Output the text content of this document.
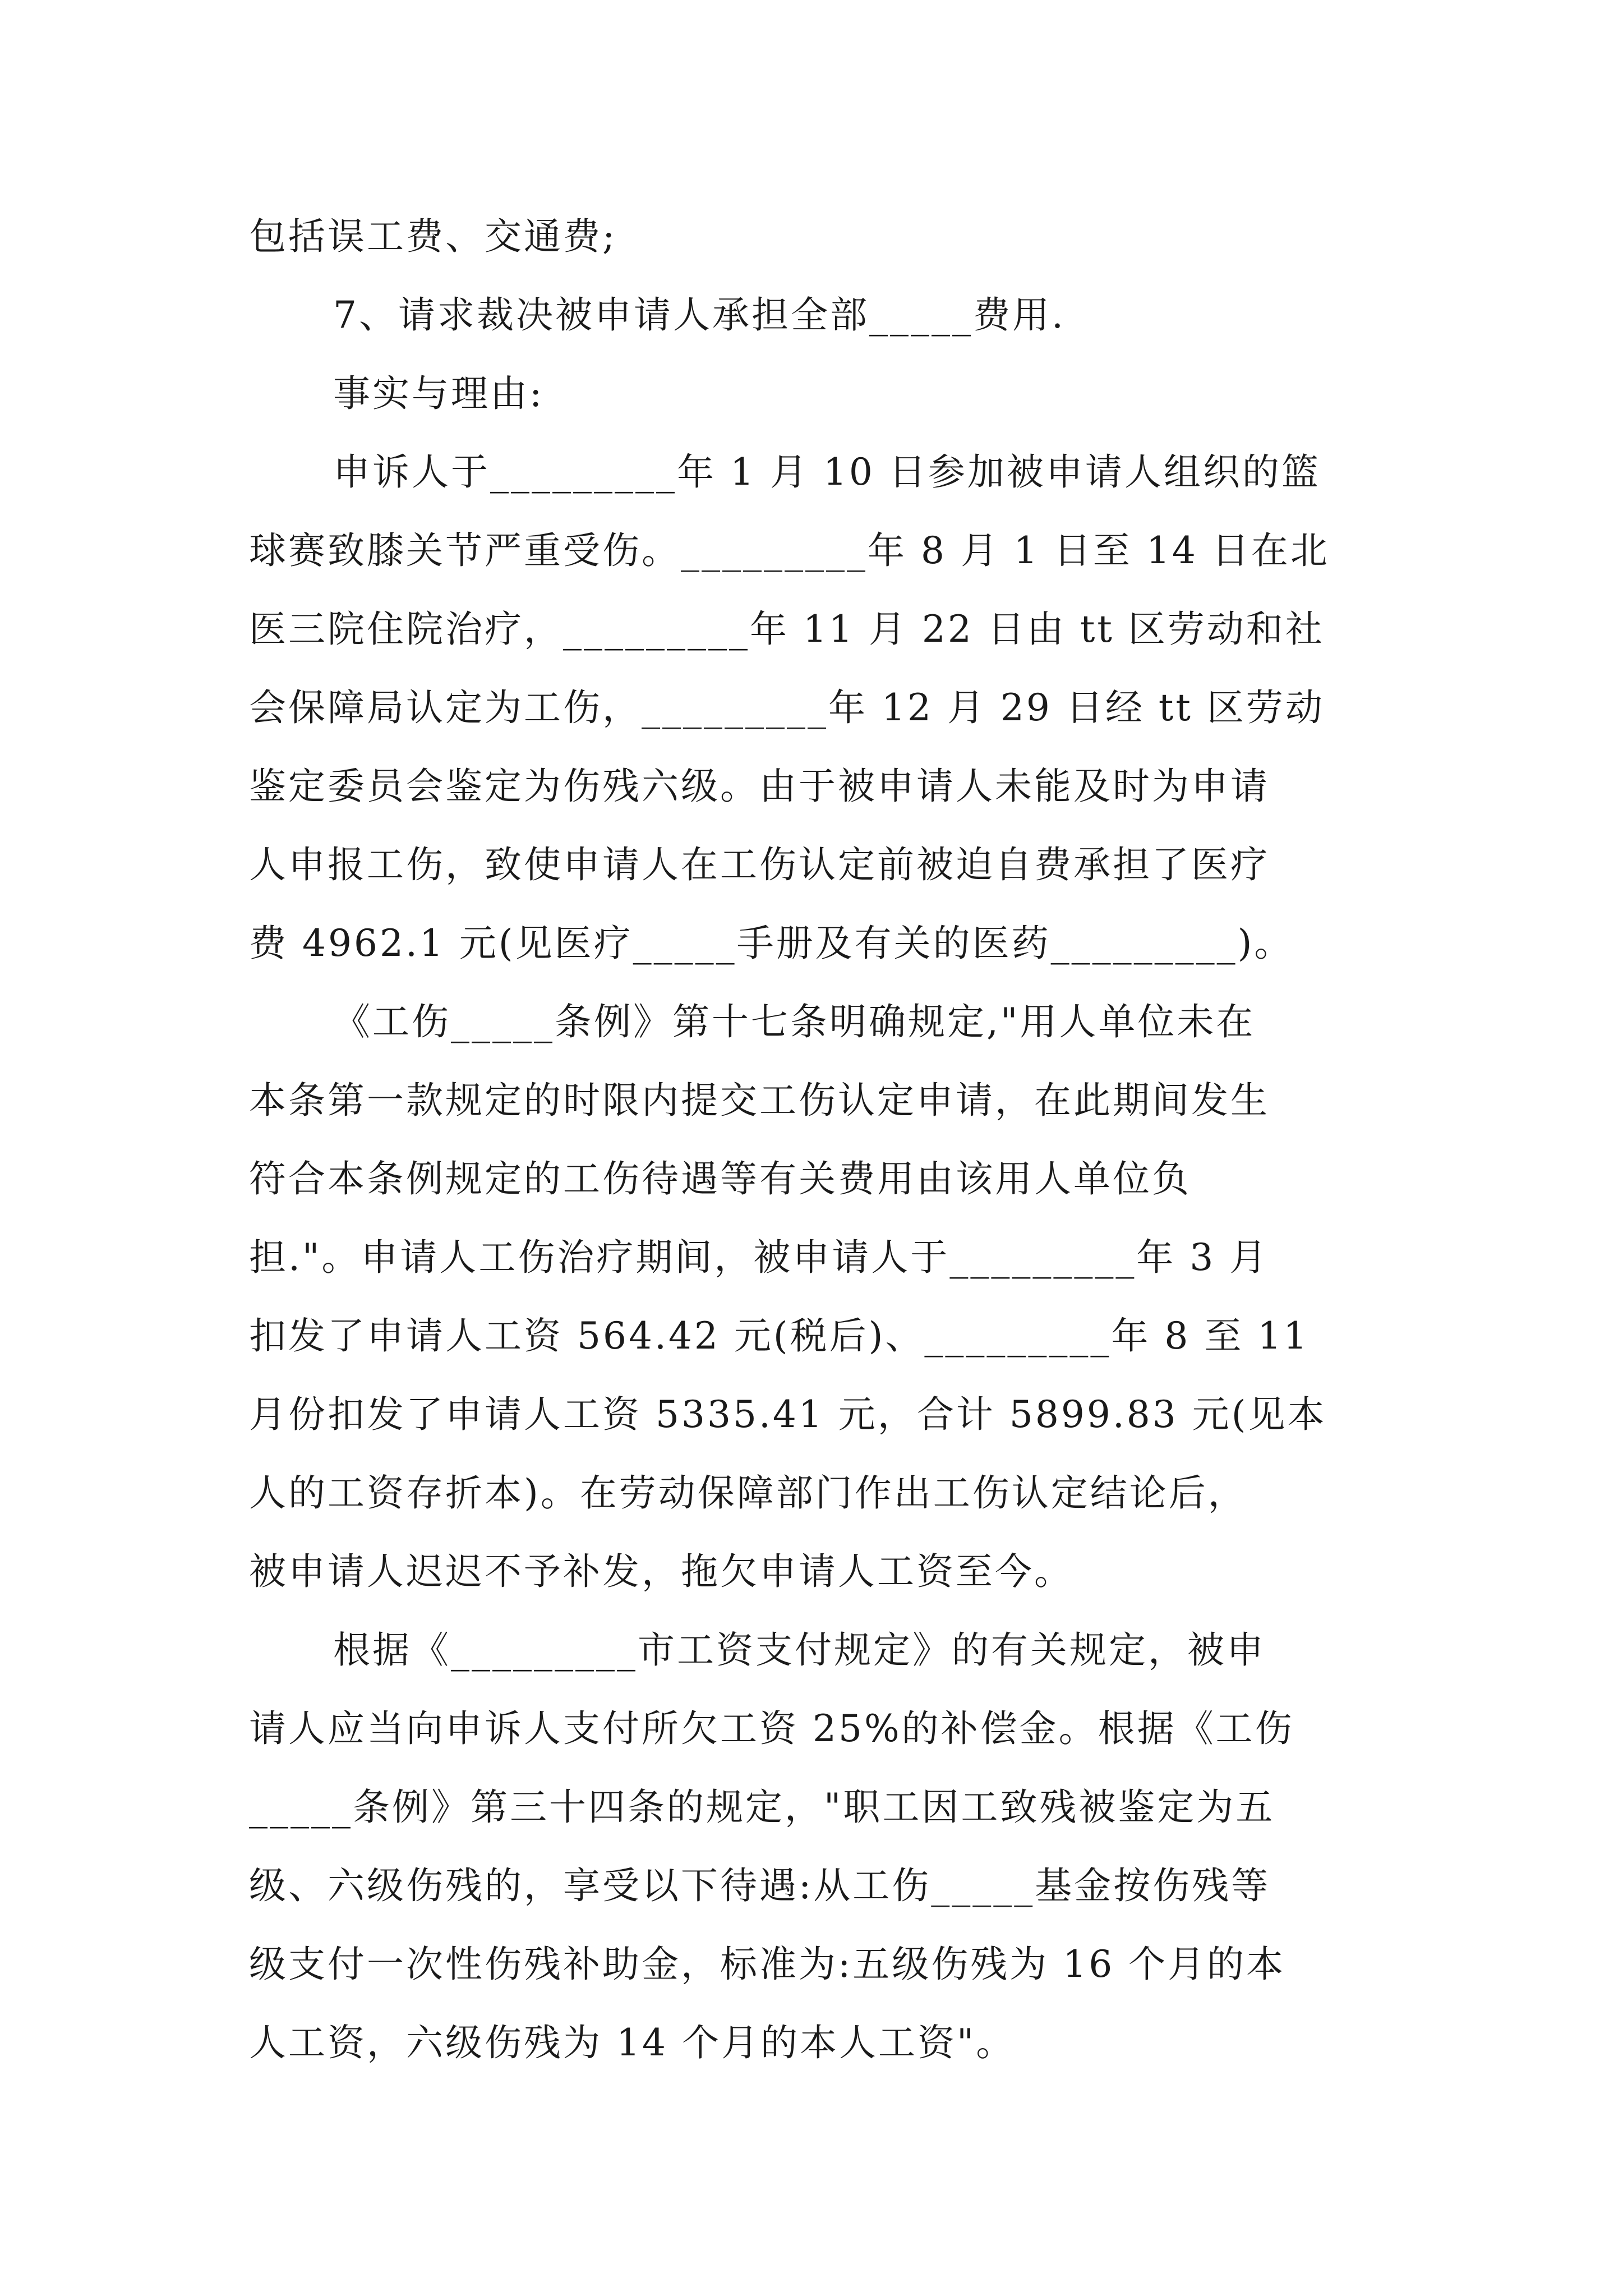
包括误工费、交通费;
7、请求裁决被申请人承担全部_____费用.
事实与理由:
申诉人于_________年 1 月 10 日参加被申请人组织的篮
球赛致膝关节严重受伤。_________年 8 月 1 日至 14 日在北
医三院住院治疗，_________年 11 月 22 日由 tt 区劳动和社
会保障局认定为工伤，_________年 12 月 29 日经 tt 区劳动
鉴定委员会鉴定为伤残六级。由于被申请人未能及时为申请
人申报工伤，致使申请人在工伤认定前被迫自费承担了医疗
费 4962.1 元(见医疗_____手册及有关的医药_________)。
《工伤_____条例》第十七条明确规定,"用人单位未在
本条第一款规定的时限内提交工伤认定申请，在此期间发生
符合本条例规定的工伤待遇等有关费用由该用人单位负
担."。申请人工伤治疗期间，被申请人于_________年 3 月
扣发了申请人工资 564.42 元(税后)、_________年 8 至 11
月份扣发了申请人工资 5335.41 元，合计 5899.83 元(见本
人的工资存折本)。在劳动保障部门作出工伤认定结论后，
被申请人迟迟不予补发，拖欠申请人工资至今。
根据《_________市工资支付规定》的有关规定，被申
请人应当向申诉人支付所欠工资 25%的补偿金。根据《工伤
_____条例》第三十四条的规定，"职工因工致残被鉴定为五
级、六级伤残的，享受以下待遇:从工伤_____基金按伤残等
级支付一次性伤残补助金，标准为:五级伤残为 16 个月的本
人工资，六级伤残为 14 个月的本人工资"。
